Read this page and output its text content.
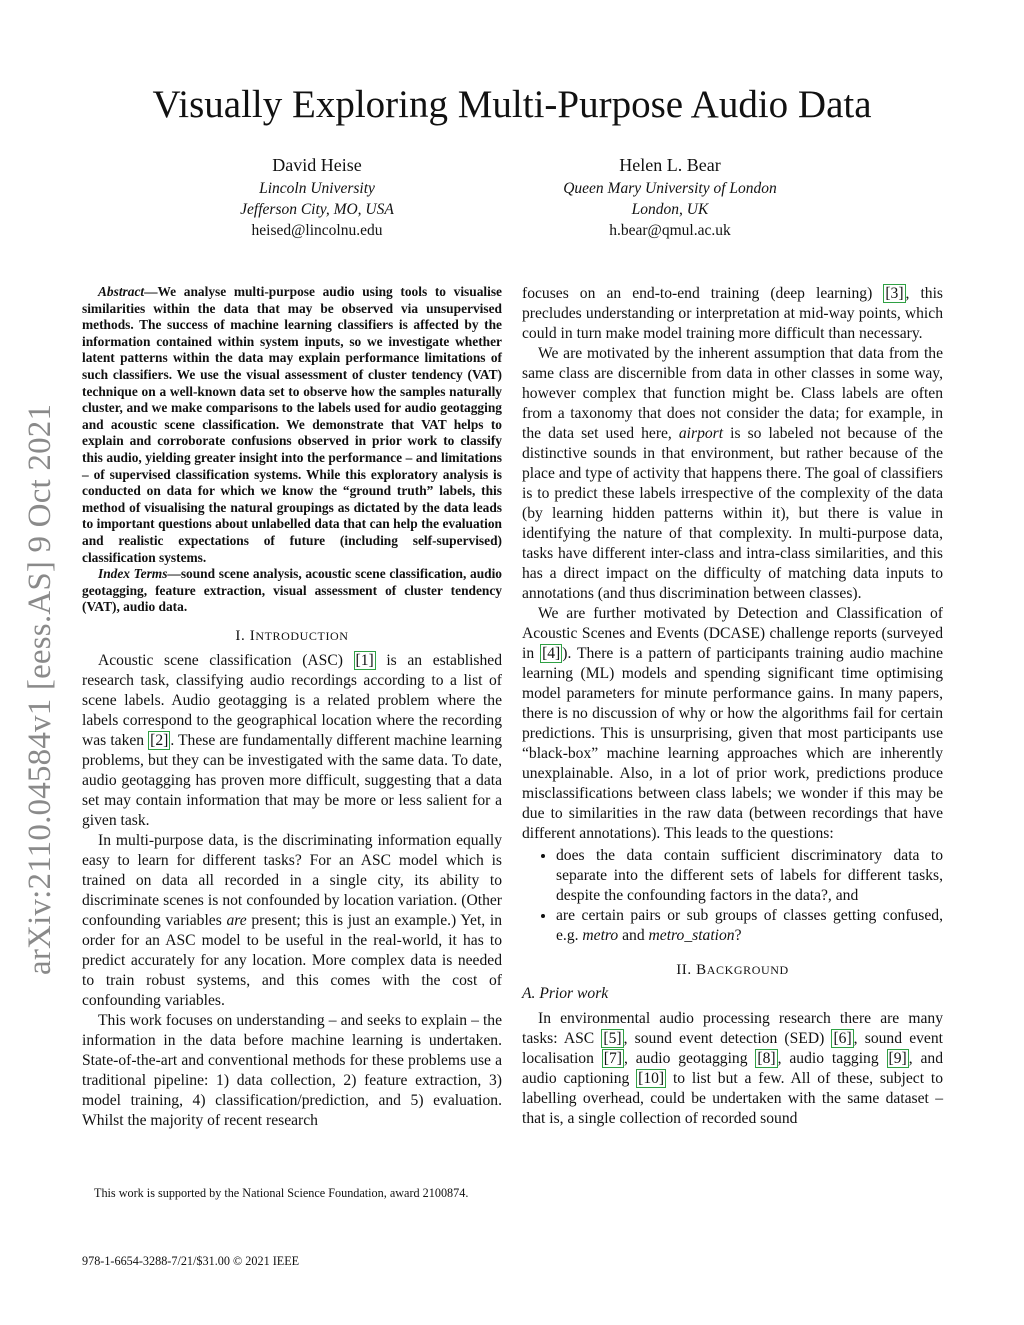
arXiv:2110.04584v1 [eess.AS] 9 Oct 2021
Visually Exploring Multi-Purpose Audio Data
David Heise
Lincoln University
Jefferson City, MO, USA
heised@lincolnu.edu
Helen L. Bear
Queen Mary University of London
London, UK
h.bear@qmul.ac.uk

Abstract—We analyse multi-purpose audio using tools to visualise similarities within the data that may be observed via unsupervised methods. The success of machine learning classifiers is affected by the information contained within system inputs, so we investigate whether latent patterns within the data may explain performance limitations of such classifiers. We use the visual assessment of cluster tendency (VAT) technique on a well-known data set to observe how the samples naturally cluster, and we make comparisons to the labels used for audio geotagging and acoustic scene classification. We demonstrate that VAT helps to explain and corroborate confusions observed in prior work to classify this audio, yielding greater insight into the performance – and limitations – of supervised classification systems. While this exploratory analysis is conducted on data for which we know the “ground truth” labels, this method of visualising the natural groupings as dictated by the data leads to important questions about unlabelled data that can help the evaluation and realistic expectations of future (including self-supervised) classification systems.

Index Terms—sound scene analysis, acoustic scene classification, audio geotagging, feature extraction, visual assessment of cluster tendency (VAT), audio data.

I. INTRODUCTION

Acoustic scene classification (ASC) [1] is an established research task, classifying audio recordings according to a list of scene labels. Audio geotagging is a related problem where the labels correspond to the geographical location where the recording was taken [2] . These are fundamentally different machine learning problems, but they can be investigated with the same data. To date, audio geotagging has proven more difficult, suggesting that a data set may contain information that may be more or less salient for a given task.

In multi-purpose data, is the discriminating information equally easy to learn for different tasks? For an ASC model which is trained on data all recorded in a single city, its ability to discriminate scenes is not confounded by location variation. (Other confounding variables are present; this is just an example.) Yet, in order for an ASC model to be useful in the real-world, it has to predict accurately for any location. More complex data is needed to train robust systems, and this comes with the cost of confounding variables.

This work focuses on understanding – and seeks to explain – the information in the data before machine learning is undertaken. State-of-the-art and conventional methods for these problems use a traditional pipeline: 1) data collection, 2) feature extraction, 3) model training, 4) classification/prediction, and 5) evaluation. Whilst the majority of recent research

focuses on an end-to-end training (deep learning) [3] , this precludes understanding or interpretation at mid-way points, which could in turn make model training more difficult than necessary.

We are motivated by the inherent assumption that data from the same class are discernible from data in other classes in some way, however complex that function might be. Class labels are often from a taxonomy that does not consider the data; for example, in the data set used here, airport is so labeled not because of the distinctive sounds in that environment, but rather because of the place and type of activity that happens there. The goal of classifiers is to predict these labels irrespective of the complexity of the data (by learning hidden patterns within it), but there is value in identifying the nature of that complexity. In multi-purpose data, tasks have different inter-class and intra-class similarities, and this has a direct impact on the difficulty of matching data inputs to annotations (and thus discrimination between classes).

We are further motivated by Detection and Classification of Acoustic Scenes and Events (DCASE) challenge reports (surveyed in [4] ). There is a pattern of participants training audio machine learning (ML) models and spending significant time optimising model parameters for minute performance gains. In many papers, there is no discussion of why or how the algorithms fail for certain predictions. This is unsurprising, given that most participants use “black-box” machine learning approaches which are inherently unexplainable. Also, in a lot of prior work, predictions produce misclassifications between class labels; we wonder if this may be due to similarities in the raw data (between recordings that have different annotations). This leads to the questions:

• does the data contain sufficient discriminatory data to separate into the different sets of labels for different tasks, despite the confounding factors in the data?, and
• are certain pairs or sub groups of classes getting confused, e.g. metro and metro_station?
II. BACKGROUND

A. Prior work

In environmental audio processing research there are many tasks: ASC [5] , sound event detection (SED) [6] , sound event localisation [7] , audio geotagging [8] , audio tagging [9] , and audio captioning [10] to list but a few. All of these, subject to labelling overhead, could be undertaken with the same dataset – that is, a single collection of recorded sound

This work is supported by the National Science Foundation, award 2100874.
978-1-6654-3288-7/21/$31.00 © 2021 IEEE
